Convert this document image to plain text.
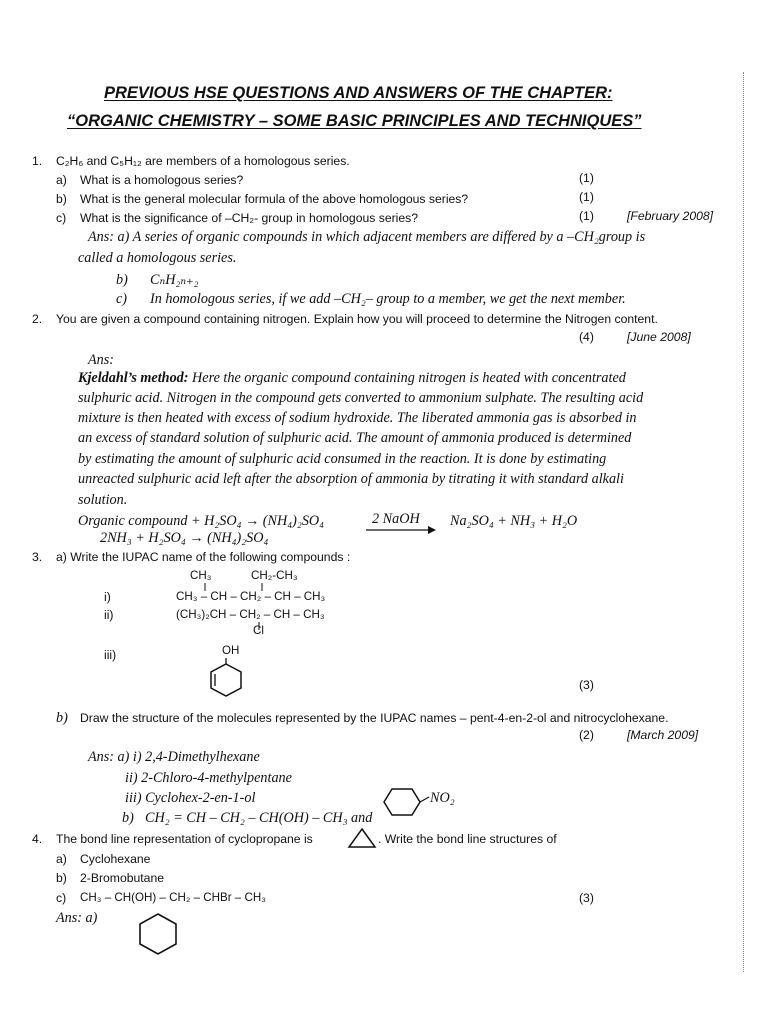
PREVIOUS HSE QUESTIONS AND ANSWERS OF THE CHAPTER:
“ORGANIC CHEMISTRY – SOME BASIC PRINCIPLES AND TECHNIQUES”
1. C₂H₆ and C₅H₁₂ are members of a homologous series.
a) What is a homologous series?	(1)
b) What is the general molecular formula of the above homologous series?	(1)
c) What is the significance of –CH₂- group in homologous series?	(1)	[February 2008]
Ans: a) A series of organic compounds in which adjacent members are differed by a –CH₂group is
called a homologous series.
b) CₙH₂ₙ₊₂
c) In homologous series, if we add –CH₂– group to a member, we get the next member.
2. You are given a compound containing nitrogen. Explain how you will proceed to determine the Nitrogen content.
(4)	[June 2008]
Ans:
Kjeldahl’s method: Here the organic compound containing nitrogen is heated with concentrated
sulphuric acid. Nitrogen in the compound gets converted to ammonium sulphate. The resulting acid
mixture is then heated with excess of sodium hydroxide. The liberated ammonia gas is absorbed in
an excess of standard solution of sulphuric acid. The amount of ammonia produced is determined
by estimating the amount of sulphuric acid consumed in the reaction. It is done by estimating
unreacted sulphuric acid left after the absorption of ammonia by titrating it with standard alkali
solution.
Organic compound + H₂SO₄ → (NH₄)₂SO₄	2 NaOH Na₂SO₄ + NH₃ + H₂O
2NH₃ + H₂SO₄ → (NH₄)₂SO₄
3. a) Write the IUPAC name of the following compounds :
CH₃	CH₂-CH₃
i)	CH₃ – CH – CH₂ – CH – CH₃
ii)	(CH₃)₂CH – CH₂ – CH – CH₃
Cl
iii)	OH
(3)
b) Draw the structure of the molecules represented by the IUPAC names – pent-4-en-2-ol and nitrocyclohexane.
(2)	[March 2009]
Ans: a) i) 2,4-Dimethylhexane
ii) 2-Chloro-4-methylpentane
iii) Cyclohex-2-en-1-ol
b) CH₂ = CH – CH₂ – CH(OH) – CH₃ and
NO₂
4. The bond line representation of cyclopropane is	. Write the bond line structures of
a) Cyclohexane
b) 2-Bromobutane
c) CH₃ – CH(OH) – CH₂ – CHBr – CH₃	(3)
Ans: a)
